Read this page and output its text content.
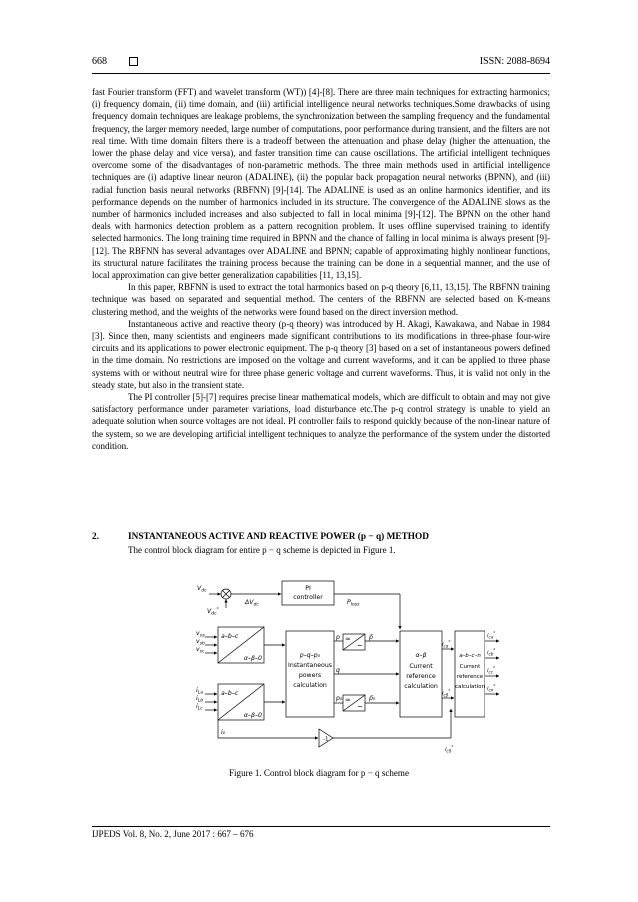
668	ISSN: 2088-8694

fast Fourier transform (FFT) and wavelet transform (WT)) [4]-[8]. There are three main techniques for extracting harmonics; (i) frequency domain, (ii) time domain, and (iii) artificial intelligence neural networks techniques.Some drawbacks of using frequency domain techniques are leakage problems, the synchronization between the sampling frequency and the fundamental frequency, the larger memory needed, large number of computations, poor performance during transient, and the filters are not real time. With time domain filters there is a tradeoff between the attenuation and phase delay (higher the attenuation, the lower the phase delay and vice versa), and faster transition time can cause oscillations. The artificial intelligent techniques overcome some of the disadvantages of non-parametric methods. The three main methods used in artificial intelligence techniques are (i) adaptive linear neuron (ADALINE), (ii) the popular back propagation neural networks (BPNN), and (iii) radial function basis neural networks (RBFNN) [9]-[14]. The ADALINE is used as an online harmonics identifier, and its performance depends on the number of harmonics included in its structure. The convergence of the ADALINE slows as the number of harmonics included increases and also subjected to fall in local minima [9]-[12]. The BPNN on the other hand deals with harmonics detection problem as a pattern recognition problem. It uses offline supervised training to identify selected harmonics. The long training time required in BPNN and the chance of falling in local minima is always present [9]-[12]. The RBFNN has several advantages over ADALINE and BPNN; capable of approximating highly nonlinear functions, its structural nature facilitates the training process because the training can be done in a sequential manner, and the use of local approximation can give better generalization capabilities [11, 13,15].

In this paper, RBFNN is used to extract the total harmonics based on p-q theory [6,11, 13,15]. The RBFNN training technique was based on separated and sequential method. The centers of the RBFNN are selected based on K-means clustering method, and the weights of the networks were found based on the direct inversion method.

Instantaneous active and reactive theory (p-q theory) was introduced by H. Akagi, Kawakawa, and Nabae in 1984 [3]. Since then, many scientists and engineers made significant contributions to its modifications in three-phase four-wire circuits and its applications to power electronic equipment. The p-q theory [3] based on a set of instantaneous powers defined in the time domain. No restrictions are imposed on the voltage and current waveforms, and it can be applied to three phase systems with or without neutral wire for three phase generic voltage and current waveforms. Thus, it is valid not only in the steady state, but also in the transient state.

The PI controller [5]-[7] requires precise linear mathematical models, which are difficult to obtain and may not give satisfactory performance under parameter variations, load disturbance etc.The p-q control strategy is unable to yield an adequate solution when source voltages are not ideal. PI controller fails to respond quickly because of the non-linear nature of the system, so we are developing artificial intelligent techniques to analyze the performance of the system under the distorted condition.

2.	INSTANTANEOUS ACTIVE AND REACTIVE POWER (p − q) METHOD
The control block diagram for entire p − q scheme is depicted in Figure 1.
$V_{dc}$
$V_{dc}^*$
$\Delta V_{dc}$
PI
controller
$P_{loss}$
$v_{sa}$
$v_{sb}$
$v_{sc}$
a–b–c
α–β–0
$i_{La}$
$i_{Lb}$
$i_{Lc}$
a–b–c
α–β–0
p–q–p₀
Instantaneous
powers
calculation
p
q
p₀
p̃
p̄₀
i₀
-1
α–β
Current
reference
calculation
$i_{c\alpha}^*$
$i_{c\beta}^*$
$i_{c0}^*$
a–b–c–n
Current
reference
calculation
$i_{ca}^*$
$i_{cb}^*$
$i_{cc}^*$
$i_{cn}^*$
≃
~
≃
~
Figure 1. Control block diagram for p − q scheme
IJPEDS Vol. 8, No. 2, June 2017 : 667 – 676
